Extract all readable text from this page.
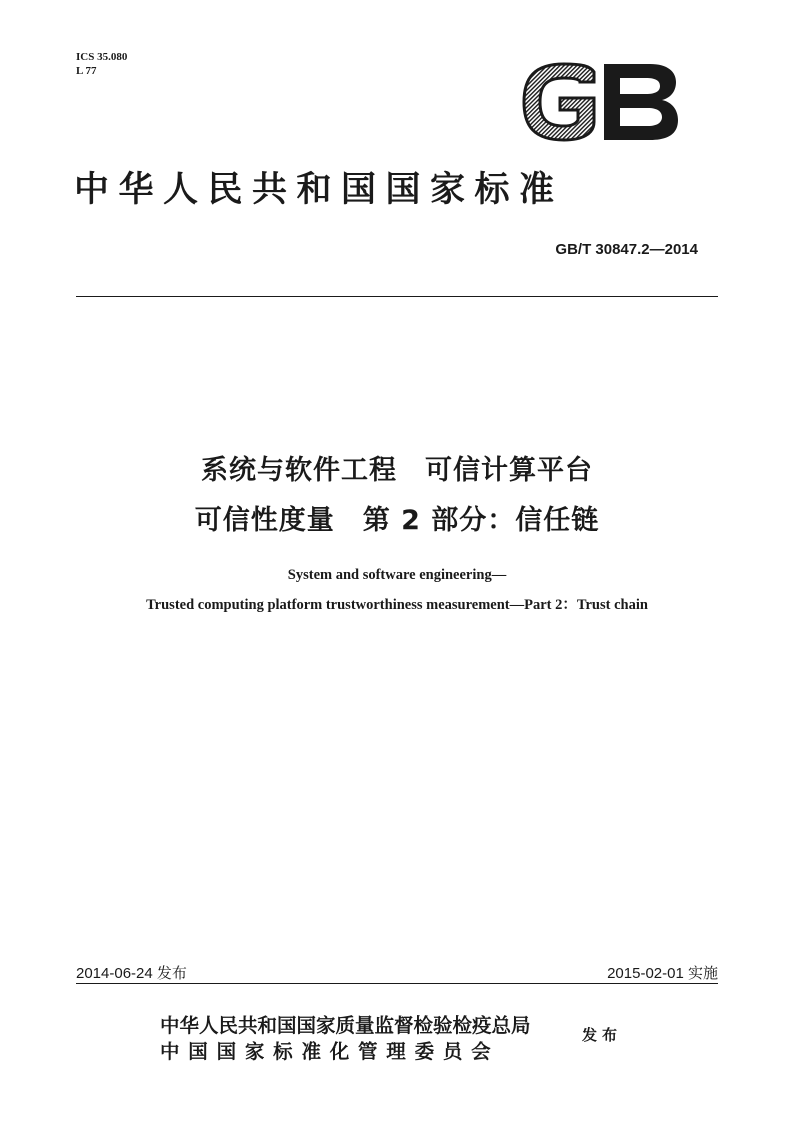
ICS 35.080
L 77
中华人民共和国国家标准
GB/T 30847.2—2014
系统与软件工程　可信计算平台
可信性度量　第 2 部分：信任链
System and software engineering—
Trusted computing platform trustworthiness measurement—Part 2：Trust chain
2014-06-24 发布	2015-02-01 实施
中华人民共和国国家质量监督检验检疫总局
中 国 国 家 标 准 化 管 理 委 员 会
发布
